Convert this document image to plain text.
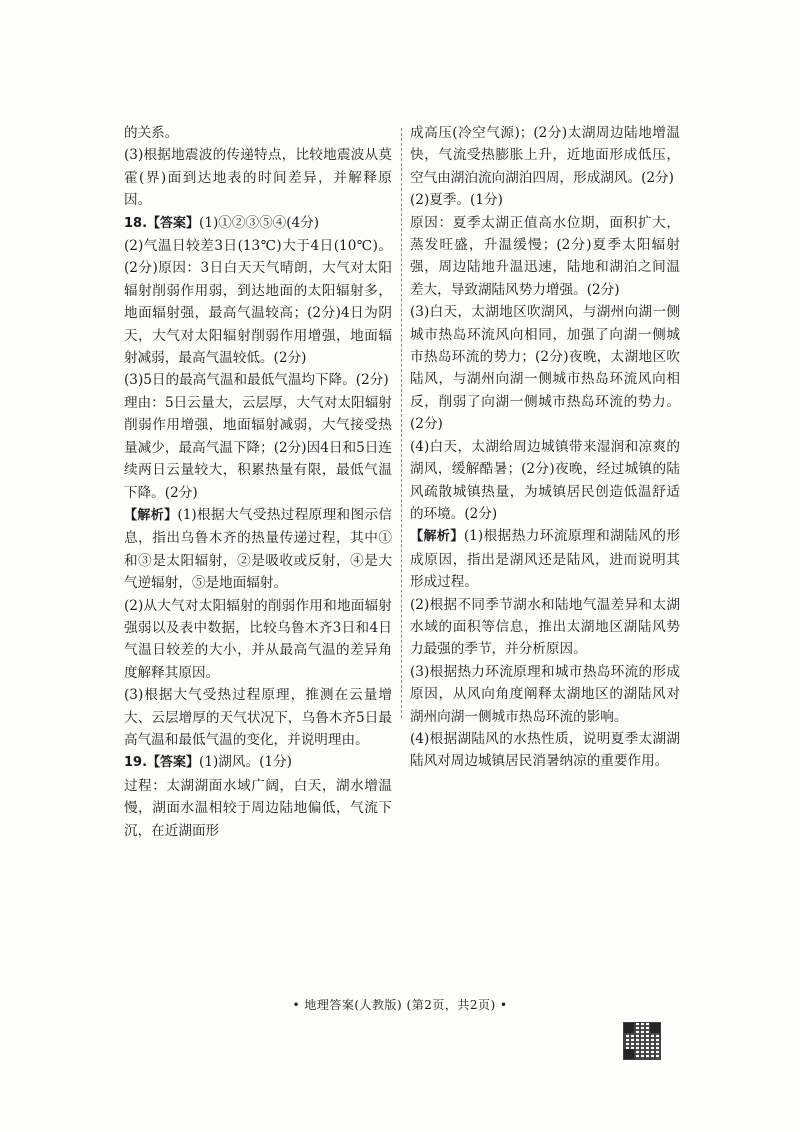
的关系。

(3)根据地震波的传递特点，比较地震波从莫霍(界)面到达地表的时间差异，并解释原因。

18.【答案】(1)①②③⑤④(4分)

(2)气温日较差3日(13℃)大于4日(10℃)。(2分)原因：3日白天天气晴朗，大气对太阳辐射削弱作用弱，到达地面的太阳辐射多，地面辐射强，最高气温较高；(2分)4日为阴天，大气对太阳辐射削弱作用增强，地面辐射减弱，最高气温较低。(2分)

(3)5日的最高气温和最低气温均下降。(2分)

理由：5日云量大，云层厚，大气对太阳辐射削弱作用增强，地面辐射减弱，大气接受热量减少，最高气温下降；(2分)因4日和5日连续两日云量较大，积累热量有限，最低气温下降。(2分)

【解析】(1)根据大气受热过程原理和图示信息，指出乌鲁木齐的热量传递过程，其中①和③是太阳辐射，②是吸收或反射，④是大气逆辐射，⑤是地面辐射。

(2)从大气对太阳辐射的削弱作用和地面辐射强弱以及表中数据，比较乌鲁木齐3日和4日气温日较差的大小，并从最高气温的差异角度解释其原因。

(3)根据大气受热过程原理，推测在云量增大、云层增厚的天气状况下，乌鲁木齐5日最高气温和最低气温的变化，并说明理由。

19.【答案】(1)湖风。(1分)

过程：太湖湖面水域广阔，白天，湖水增温慢，湖面水温相较于周边陆地偏低，气流下沉，在近湖面形

成高压(冷空气源)；(2分)太湖周边陆地增温快，气流受热膨胀上升，近地面形成低压，空气由湖泊流向湖泊四周，形成湖风。(2分)

(2)夏季。(1分)

原因：夏季太湖正值高水位期，面积扩大，蒸发旺盛，升温缓慢；(2分)夏季太阳辐射强，周边陆地升温迅速，陆地和湖泊之间温差大，导致湖陆风势力增强。(2分)

(3)白天，太湖地区吹湖风，与湖州向湖一侧城市热岛环流风向相同，加强了向湖一侧城市热岛环流的势力；(2分)夜晚，太湖地区吹陆风，与湖州向湖一侧城市热岛环流风向相反，削弱了向湖一侧城市热岛环流的势力。(2分)

(4)白天，太湖给周边城镇带来湿润和凉爽的湖风，缓解酷暑；(2分)夜晚，经过城镇的陆风疏散城镇热量，为城镇居民创造低温舒适的环境。(2分)

【解析】(1)根据热力环流原理和湖陆风的形成原因，指出是湖风还是陆风，进而说明其形成过程。

(2)根据不同季节湖水和陆地气温差异和太湖水域的面积等信息，推出太湖地区湖陆风势力最强的季节，并分析原因。

(3)根据热力环流原理和城市热岛环流的形成原因，从风向角度阐释太湖地区的湖陆风对湖州向湖一侧城市热岛环流的影响。

(4)根据湖陆风的水热性质，说明夏季太湖湖陆风对周边城镇居民消暑纳凉的重要作用。

• 地理答案(人教版) (第2页，共2页) •
